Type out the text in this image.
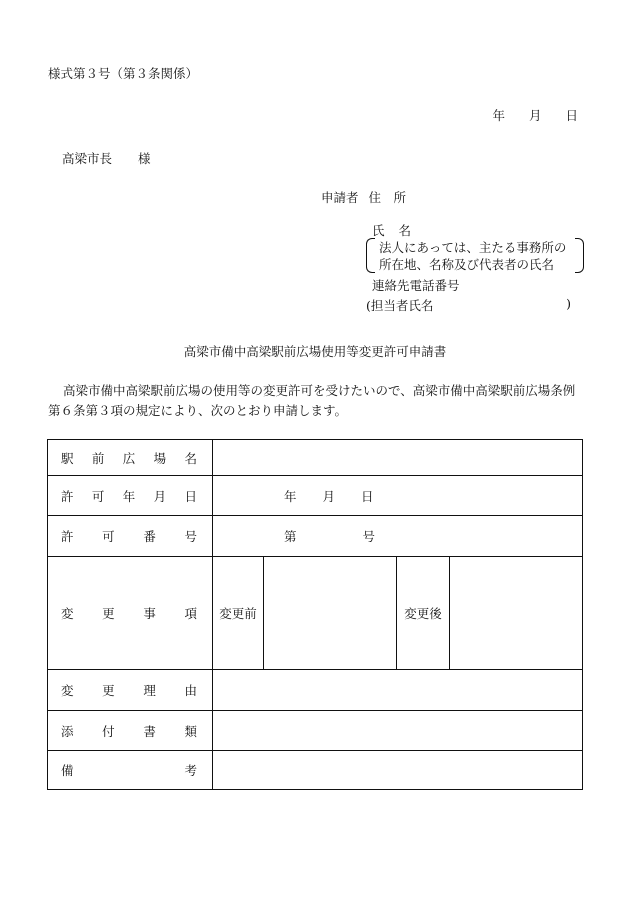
様式第３号（第３条関係）
年 月 日
高梁市長 様
申請者 住　所
氏 名
法人にあっては、主たる事務所の
所在地、名称及び代表者の氏名
連絡先電話番号
(担当者氏名	)
高梁市備中高梁駅前広場使用等変更許可申請書
高梁市備中高梁駅前広場の使用等の変更許可を受けたいので、高梁市備中高梁駅前広場条例
第６条第３項の規定により、次のとおり申請します。
駅 前 広 場 名				

許 可 年 月 日	年 月 日			

許 可 番 号	第 号			

変 更 事 項	変更前		変更後	

変 更 理 由				

添 付 書 類				

備 考				
